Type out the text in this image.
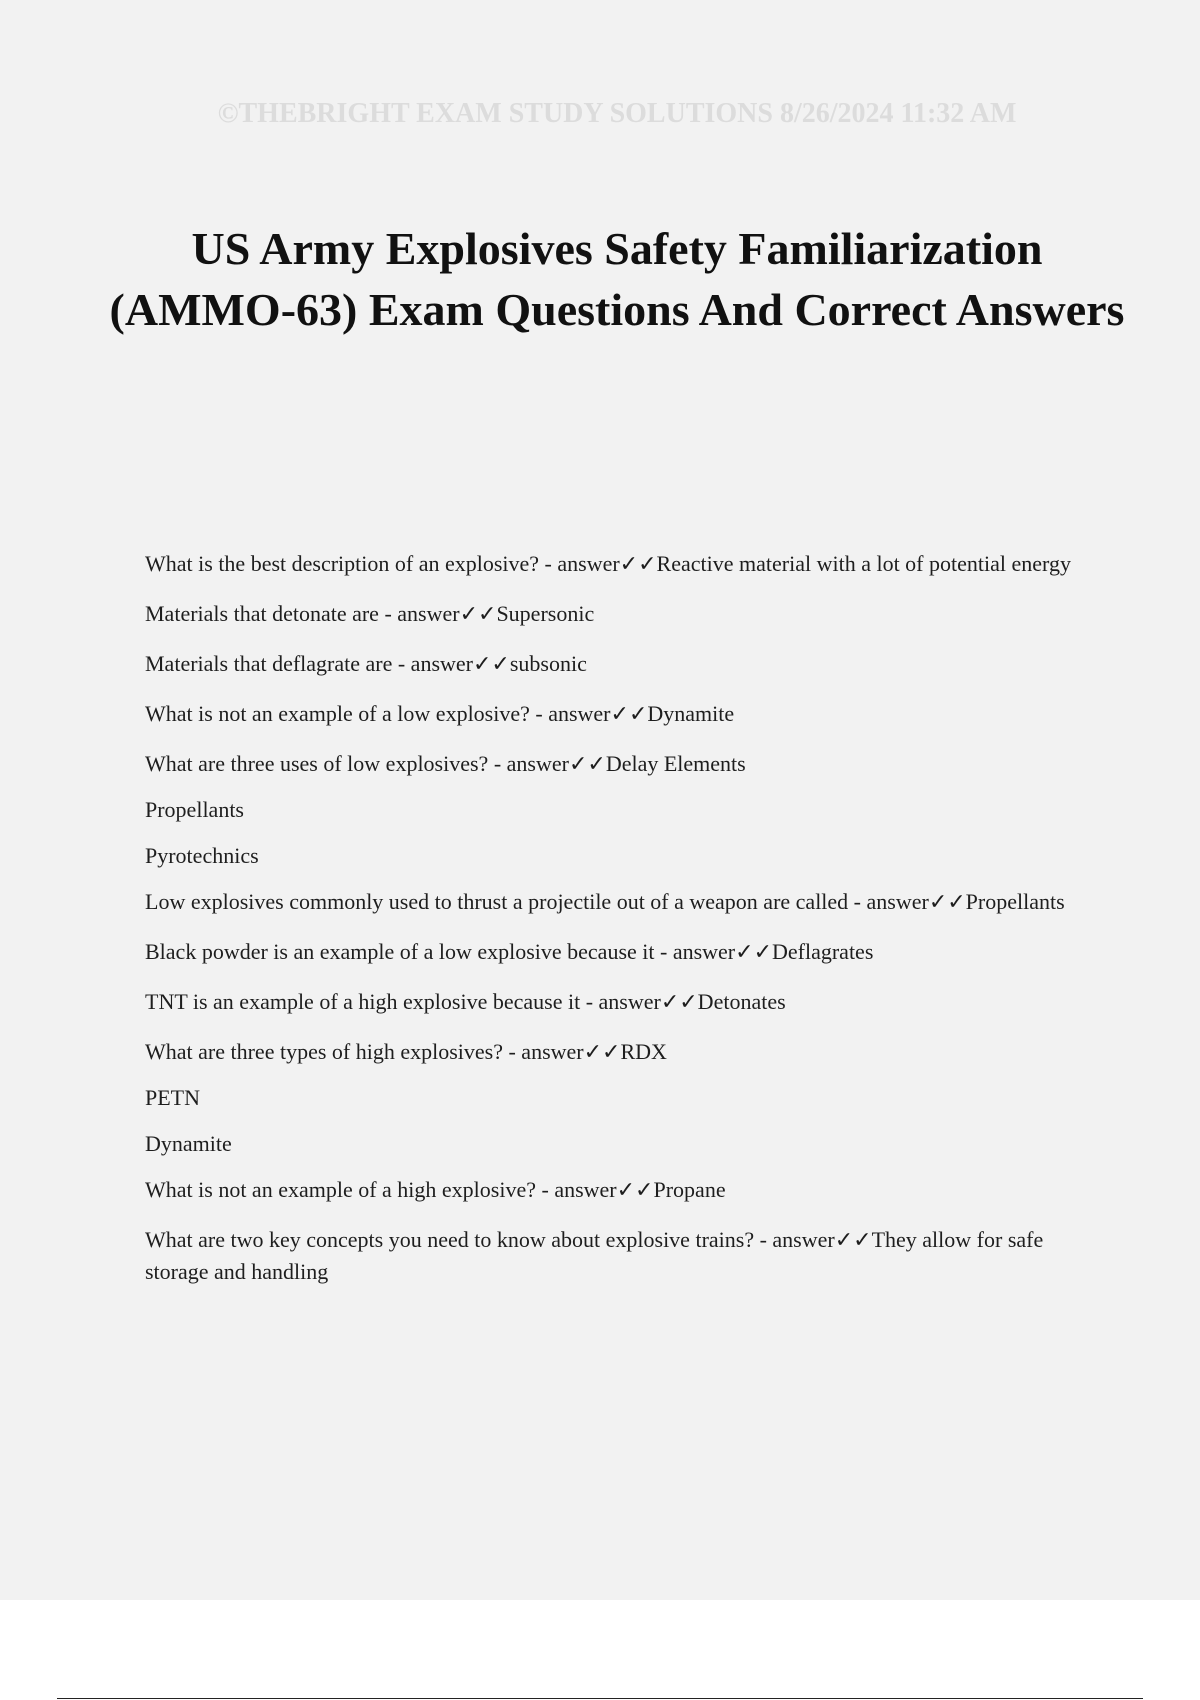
©THEBRIGHT EXAM STUDY SOLUTIONS 8/26/2024 11:32 AM
US Army Explosives Safety Familiarization (AMMO-63) Exam Questions And Correct Answers
What is the best description of an explosive? - answer✓✓Reactive material with a lot of potential energy
Materials that detonate are - answer✓✓Supersonic
Materials that deflagrate are - answer✓✓subsonic
What is not an example of a low explosive? - answer✓✓Dynamite
What are three uses of low explosives? - answer✓✓Delay Elements
Propellants
Pyrotechnics
Low explosives commonly used to thrust a projectile out of a weapon are called - answer✓✓Propellants
Black powder is an example of a low explosive because it - answer✓✓Deflagrates
TNT is an example of a high explosive because it - answer✓✓Detonates
What are three types of high explosives? - answer✓✓RDX
PETN
Dynamite
What is not an example of a high explosive? - answer✓✓Propane
What are two key concepts you need to know about explosive trains? - answer✓✓They allow for safe storage and handling
